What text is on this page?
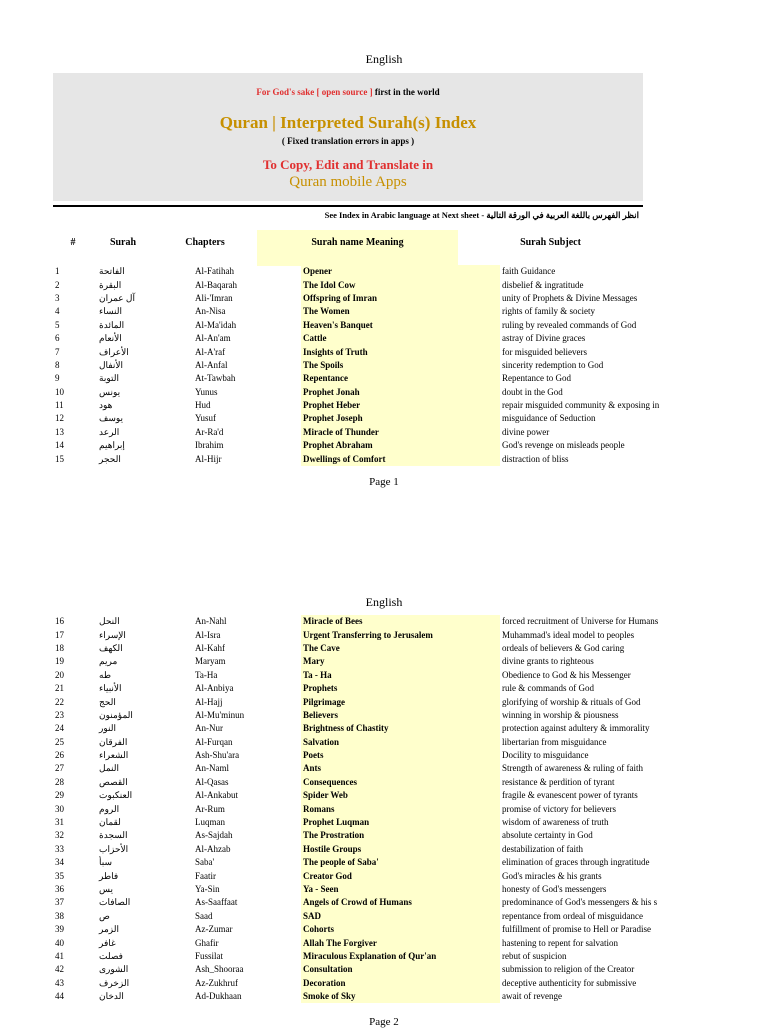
English
For God's sake [ open source ] first in the world
Quran | Interpreted Surah(s) Index
( Fixed translation errors in apps )
To Copy, Edit and Translate in
Quran mobile Apps
See Index in Arabic language at Next sheet - انظر الفهرس باللغة العربية في الورقة التالية
#	Surah	Chapters	Surah name Meaning	Surah Subject
1	الفاتحة	Al-Fatihah	Opener	faith Guidance
2	البقرة	Al-Baqarah	The Idol Cow	disbelief & ingratitude
3	آل عمران	Ali-'Imran	Offspring of Imran	unity of Prophets & Divine Messages
4	النساء	An-Nisa	The Women	rights of family & society
5	المائدة	Al-Ma'idah	Heaven's Banquet	ruling by revealed commands of God
6	الأنعام	Al-An'am	Cattle	astray of Divine graces
7	الأعراف	Al-A'raf	Insights of Truth	for misguided believers
8	الأنفال	Al-Anfal	The Spoils	sincerity redemption to God
9	التوبة	At-Tawbah	Repentance	Repentance to God
10	يونس	Yunus	Prophet Jonah	doubt in the God
11	هود	Hud	Prophet Heber	repair misguided community & exposing in
12	يوسف	Yusuf	Prophet Joseph	misguidance of Seduction
13	الرعد	Ar-Ra'd	Miracle of Thunder	divine power
14	إبراهيم	Ibrahim	Prophet Abraham	God's revenge on misleads people
15	الحجر	Al-Hijr	Dwellings of Comfort	distraction of bliss
Page 1
English
16	النحل	An-Nahl	Miracle of Bees	forced recruitment of Universe for Humans
17	الإسراء	Al-Isra	Urgent Transferring to Jerusalem	Muhammad's ideal model to peoples
18	الكهف	Al-Kahf	The Cave	ordeals of believers & God caring
19	مريم	Maryam	Mary	divine grants to righteous
20	طه	Ta-Ha	Ta - Ha	Obedience to God & his Messenger
21	الأنبياء	Al-Anbiya	Prophets	rule & commands of God
22	الحج	Al-Hajj	Pilgrimage	glorifying of worship & rituals of God
23	المؤمنون	Al-Mu'minun	Believers	winning in worship & piousness
24	النور	An-Nur	Brightness of Chastity	protection against adultery & immorality
25	الفرقان	Al-Furqan	Salvation	libertarian from misguidance
26	الشعراء	Ash-Shu'ara	Poets	Docility to misguidance
27	النمل	An-Naml	Ants	Strength of awareness & ruling of faith
28	القصص	Al-Qasas	Consequences	resistance & perdition of tyrant
29	العنكبوت	Al-Ankabut	Spider Web	fragile & evanescent power of tyrants
30	الروم	Ar-Rum	Romans	promise of victory for believers
31	لقمان	Luqman	Prophet Luqman	wisdom of awareness of truth
32	السجدة	As-Sajdah	The Prostration	absolute certainty in God
33	الأحزاب	Al-Ahzab	Hostile Groups	destabilization of faith
34	سبأ	Saba'	The people of Saba'	elimination of graces through ingratitude
35	فاطر	Faatir	Creator God	God's miracles & his grants
36	يس	Ya-Sin	Ya - Seen	honesty of God's messengers
37	الصافات	As-Saaffaat	Angels of Crowd of Humans	predominance of God's messengers & his s
38	ص	Saad	SAD	repentance from ordeal of misguidance
39	الزمر	Az-Zumar	Cohorts	fulfillment of promise to Hell or Paradise
40	غافر	Ghafir	Allah The Forgiver	hastening to repent for salvation
41	فصلت	Fussilat	Miraculous Explanation of Qur'an	rebut of suspicion
42	الشورى	Ash_Shooraa	Consultation	submission to religion of the Creator
43	الزخرف	Az-Zukhruf	Decoration	deceptive authenticity for submissive
44	الدخان	Ad-Dukhaan	Smoke of Sky	await of revenge
Page 2
